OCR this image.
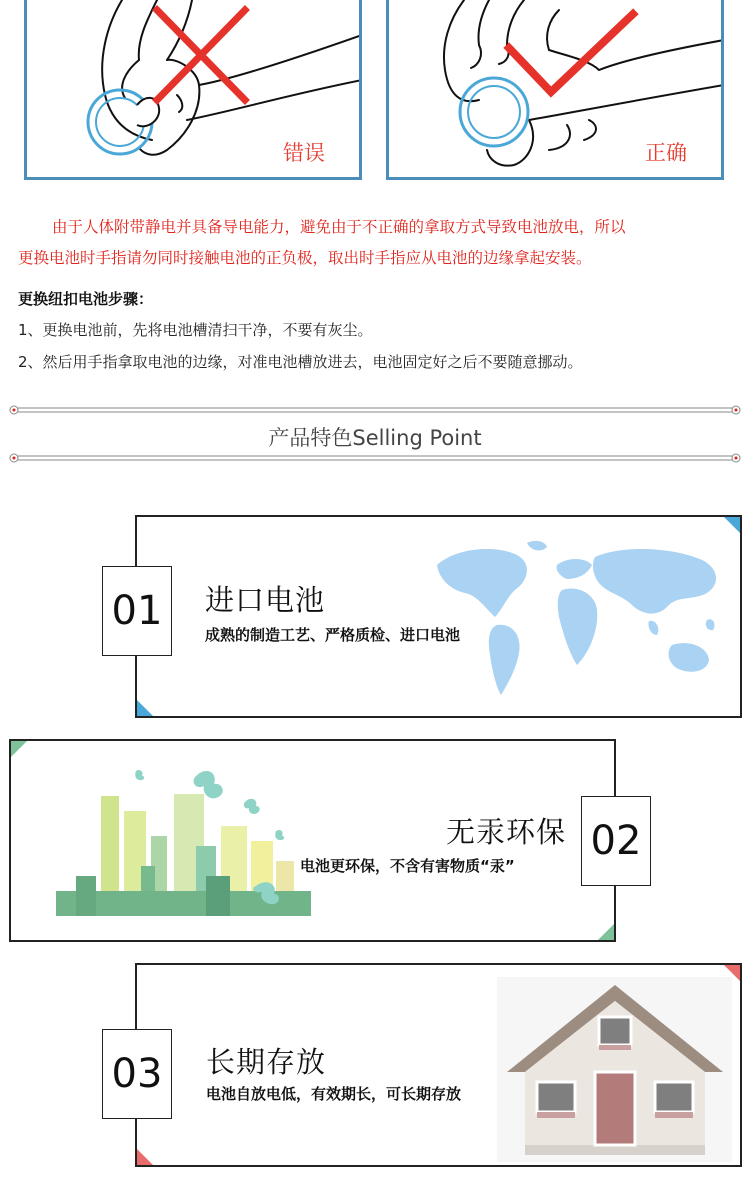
错误	正确
由于人体附带静电并具备导电能力，避免由于不正确的拿取方式导致电池放电，所以
更换电池时手指请勿同时接触电池的正负极，取出时手指应从电池的边缘拿起安装。
更换纽扣电池步骤：
1、更换电池前，先将电池槽清扫干净，不要有灰尘。
2、然后用手指拿取电池的边缘，对准电池槽放进去，电池固定好之后不要随意挪动。
产品特色Selling Point
01	进口电池
成熟的制造工艺、严格质检、进口电池
02
无汞环保
电池更环保，不含有害物质“汞”
03	长期存放
电池自放电低，有效期长，可长期存放
